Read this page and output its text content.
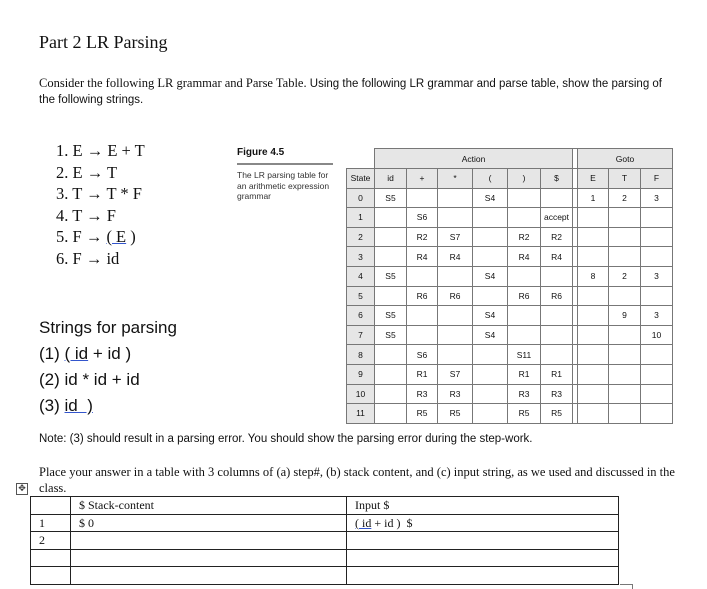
Part 2 LR Parsing
Consider the following LR grammar and Parse Table. Using the following LR grammar and parse table, show the parsing of the following strings.
1. E → E + T
2. E → T
3. T → T * F
4. T → F
5. F → ( E )
6. F → id
Figure 4.5
The LR parsing table for an arithmetic expression grammar
	Action							Goto		
State	id	+	*	(	)	$		E	T	F
0	S5			S4				1	2	3
1		S6				accept				
2		R2	S7		R2	R2				
3		R4	R4		R4	R4				
4	S5			S4				8	2	3
5		R6	R6		R6	R6				
6	S5			S4					9	3
7	S5			S4						10
8		S6			S11					
9		R1	S7		R1	R1				
10		R3	R3		R3	R3				
11		R5	R5		R5	R5				
Strings for parsing
(1) ( id + id )
(2) id * id + id
(3) id  )
Note: (3) should result in a parsing error. You should show the parsing error during the step-work.
Place your answer in a table with 3 columns of (a) step#, (b) stack content, and (c) input string, as we used and discussed in the class.
✥
	$ Stack-content	Input $
1	$ 0	( id + id )  $
2		
